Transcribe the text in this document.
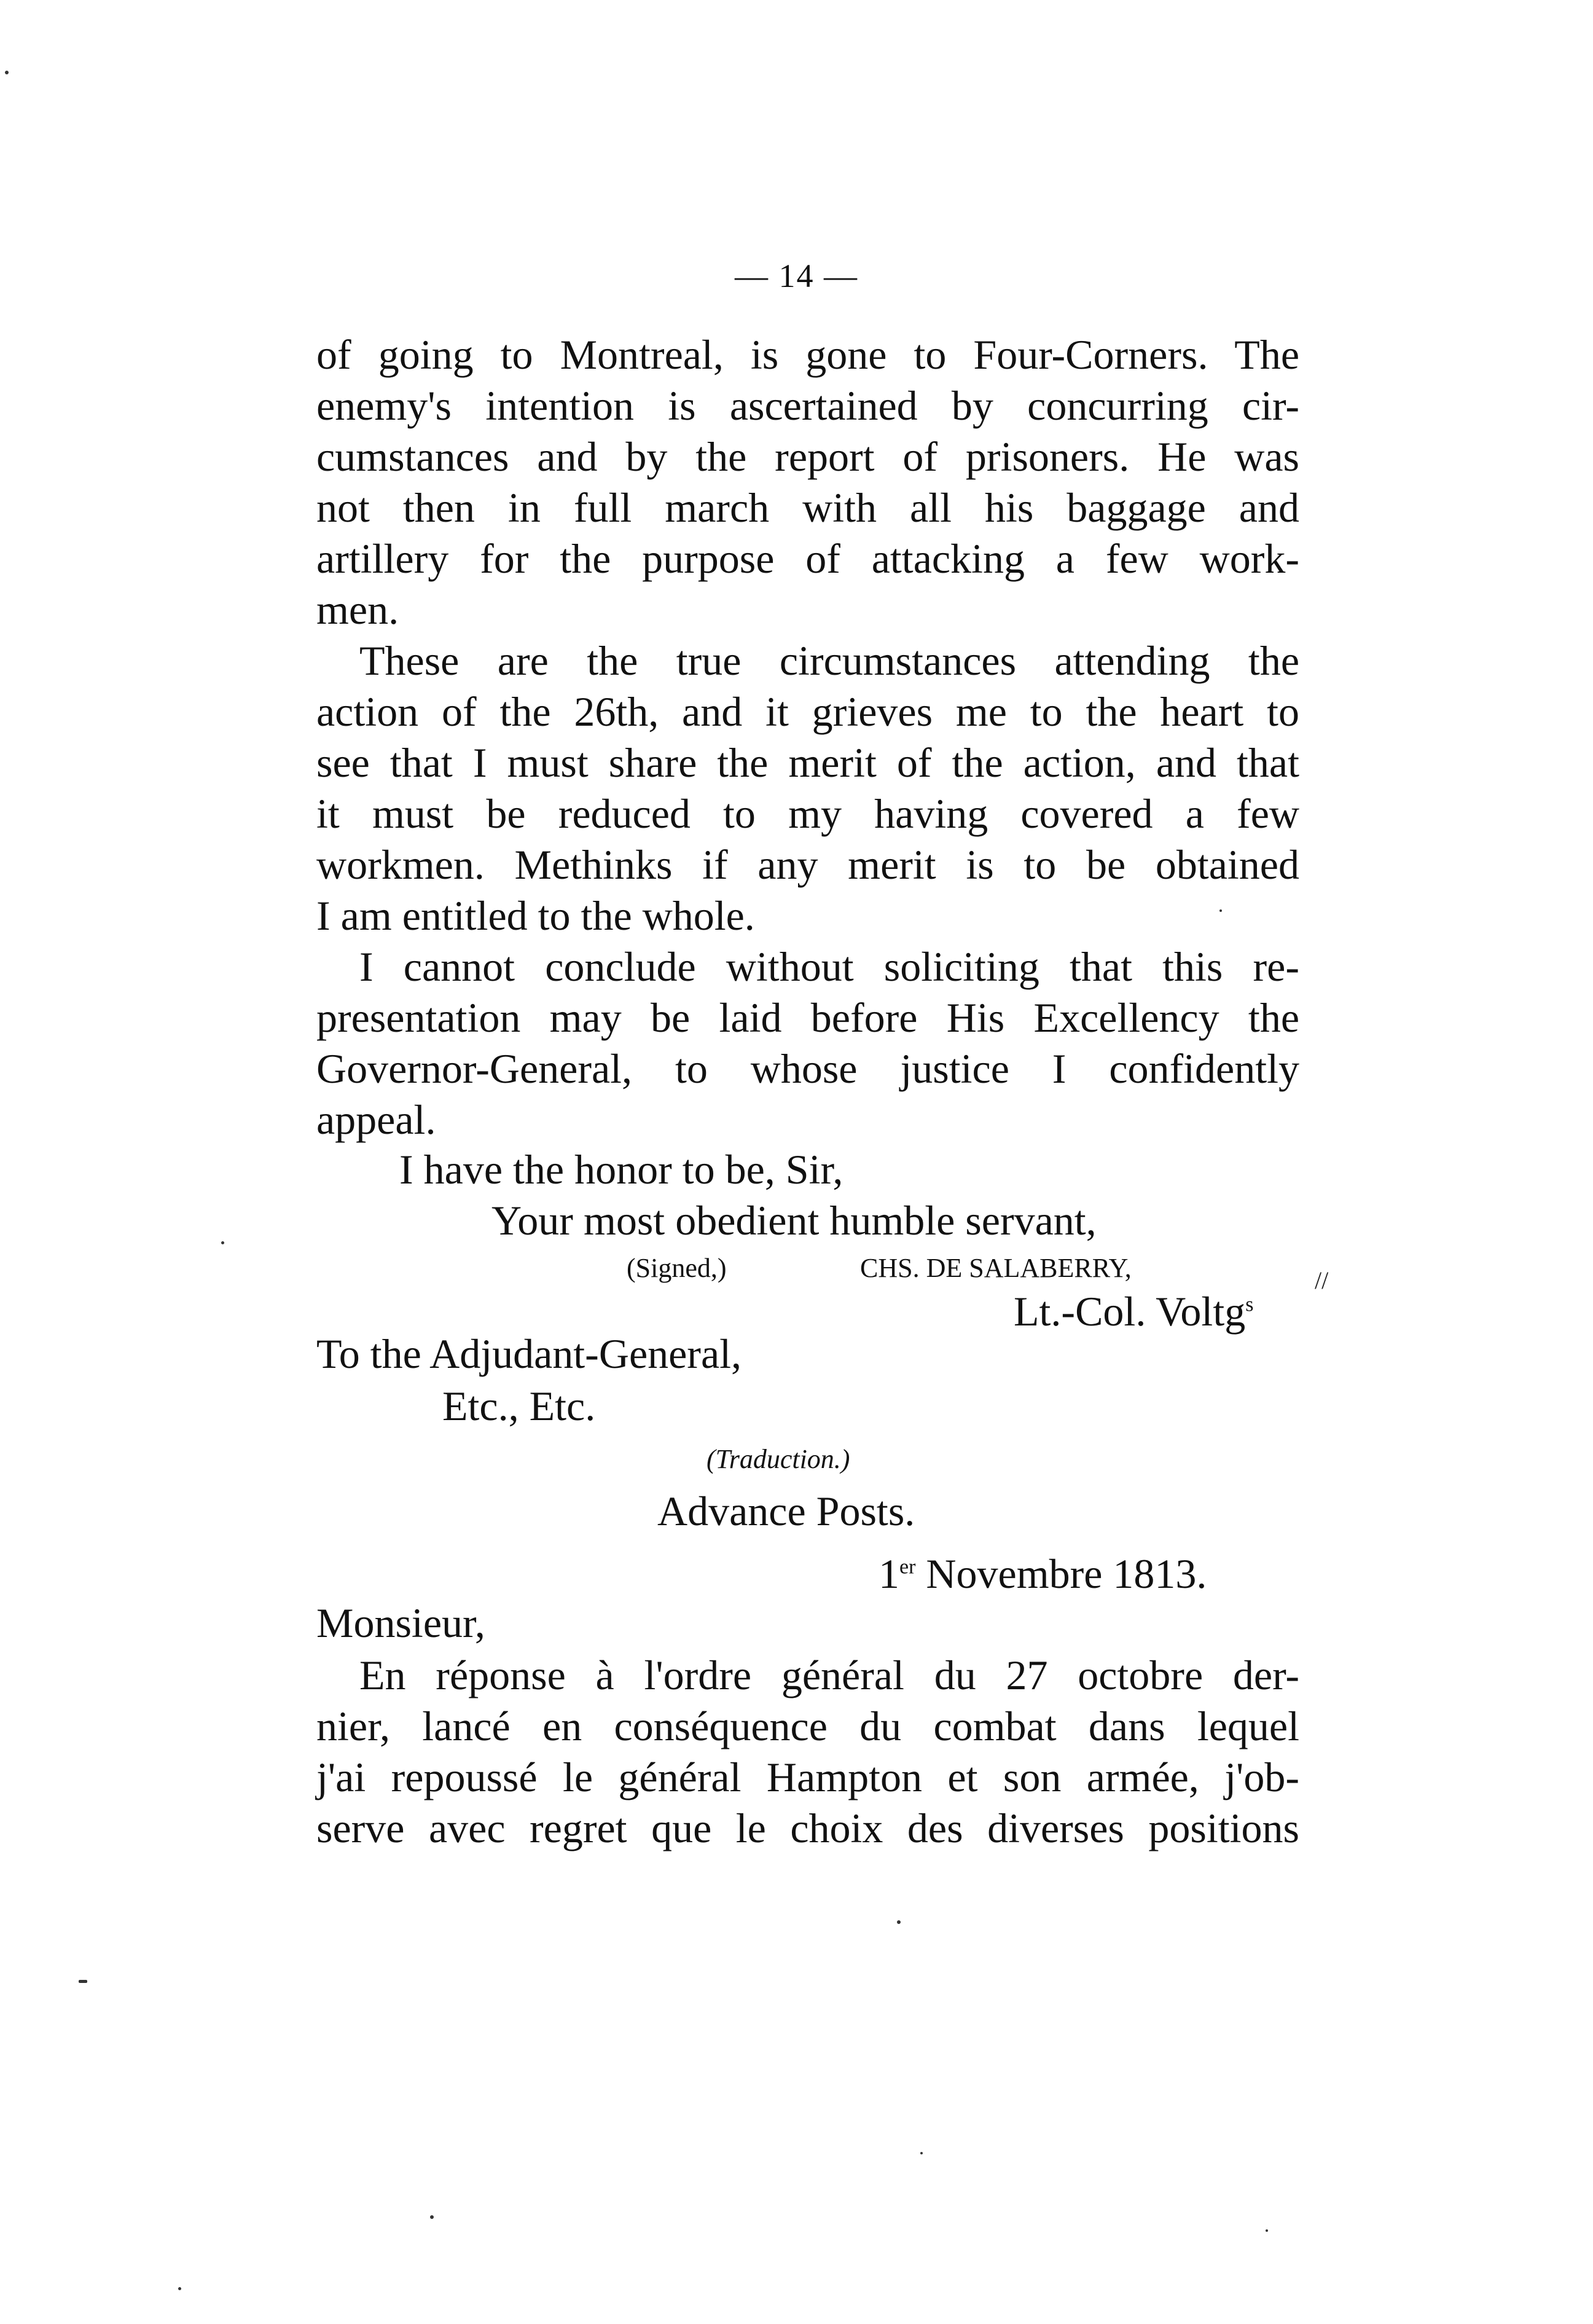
— 14 —
of going to Montreal, is gone to Four-Corners. The
enemy's intention is ascertained by concurring cir-
cumstances and by the report of prisoners. He was
not then in full march with all his baggage and
artillery for the purpose of attacking a few work-
men.
These are the true circumstances attending the
action of the 26th, and it grieves me to the heart to
see that I must share the merit of the action, and that
it must be reduced to my having covered a few
workmen. Methinks if any merit is to be obtained
I am entitled to the whole.
I cannot conclude without soliciting that this re-
presentation may be laid before His Excellency the
Governor-General, to whose justice I confidently
appeal.
I have the honor to be, Sir,
Your most obedient humble servant,
(Signed,)	CHS. DE SALABERRY,
Lt.-Col. Voltg$^s$
//
To the Adjudant-General,
Etc., Etc.
(Traduction.)
Advance Posts.
1er Novembre 1813.
Monsieur,
En réponse à l'ordre général du 27 octobre der-
nier, lancé en conséquence du combat dans lequel
j'ai repoussé le général Hampton et son armée, j'ob-
serve avec regret que le choix des diverses positions
